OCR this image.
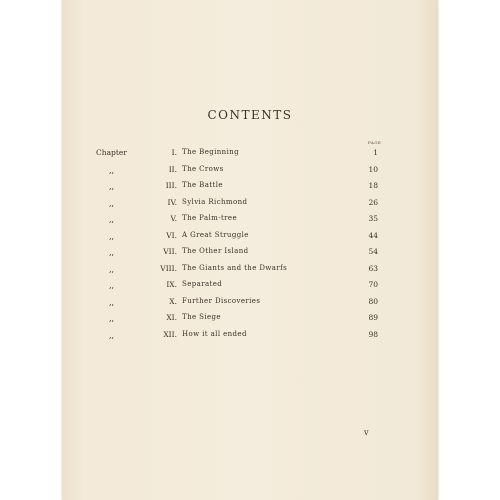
CONTENTS
PAGE
Chapter	I. The Beginning	1
,,	II. The Crows	10
,,	III. The Battle	18
,,	IV. Sylvia Richmond	26
,,	V. The Palm-tree	35
,,	VI. A Great Struggle	44
,,	VII. The Other Island	54
,,	VIII. The Giants and the Dwarfs	63
,,	IX. Separated	70
,,	X. Further Discoveries	80
,,	XI. The Siege	89
,,	XII. How it all ended	98
v
